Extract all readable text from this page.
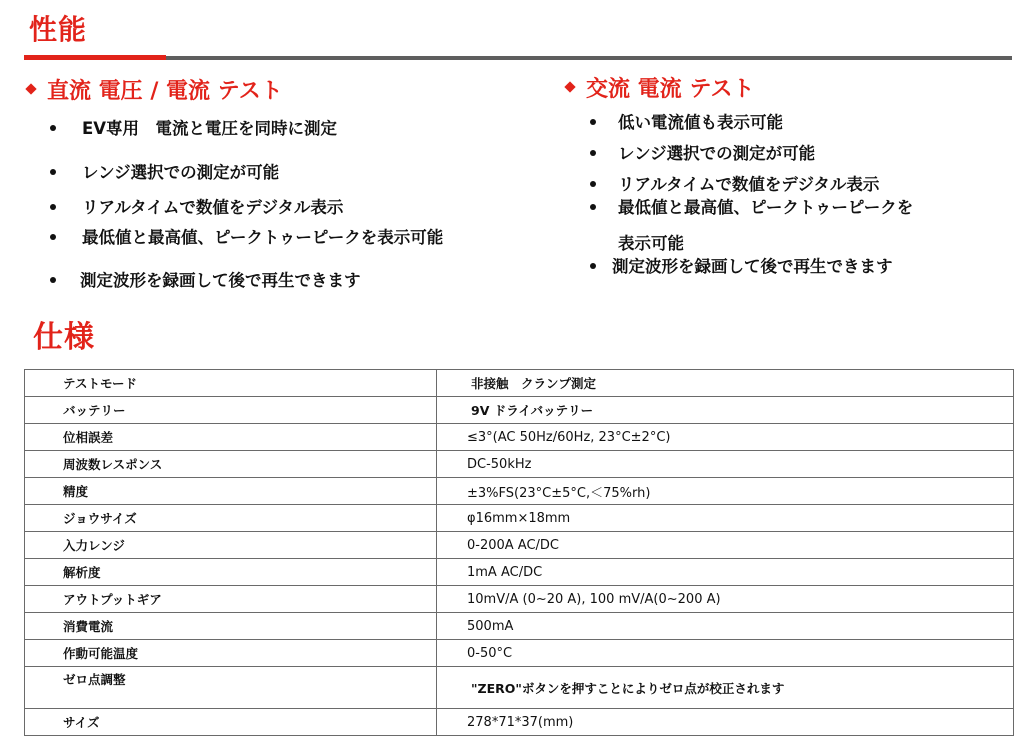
性能
直流 電圧 / 電流 テスト
EV専用　電流と電圧を同時に測定
レンジ選択での測定が可能
リアルタイムで数値をデジタル表示
最低値と最高値、ピークトゥーピークを表示可能
測定波形を録画して後で再生できます
交流 電流 テスト
低い電流値も表示可能
レンジ選択での測定が可能
リアルタイムで数値をデジタル表示
最低値と最高値、ピークトゥーピークを
表示可能
測定波形を録画して後で再生できます
仕様
テストモード	非接触　クランプ測定
バッテリー	9V ドライバッテリー
位相誤差	≤3°(AC 50Hz/60Hz, 23°C±2°C)
周波数レスポンス	DC-50kHz
精度	±3%FS(23°C±5°C,＜75%rh)
ジョウサイズ	φ16mm×18mm
入力レンジ	0-200A AC/DC
解析度	1mA AC/DC
アウトプットギア	10mV/A (0~20 A), 100 mV/A(0~200 A)
消費電流	500mA
作動可能温度	0-50°C
ゼロ点調整	"ZERO"ボタンを押すことによりゼロ点が校正されます
サイズ	278*71*37(mm)
